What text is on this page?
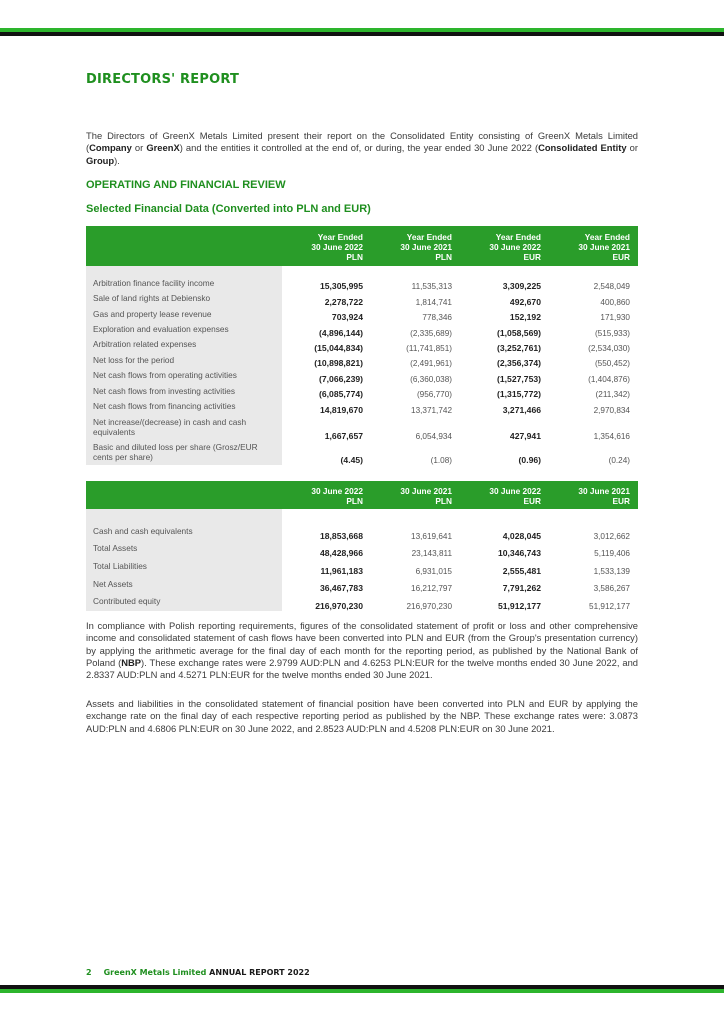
DIRECTORS' REPORT

The Directors of GreenX Metals Limited present their report on the Consolidated Entity consisting of GreenX Metals Limited (Company or GreenX) and the entities it controlled at the end of, or during, the year ended 30 June 2022 (Consolidated Entity or Group).

OPERATING AND FINANCIAL REVIEW
Selected Financial Data (Converted into PLN and EUR)
	Year Ended
30 June 2022
PLN	Year Ended
30 June 2021
PLN	Year Ended
30 June 2022
EUR	Year Ended
30 June 2021
EUR

Arbitration finance facility income	15,305,995	11,535,313	3,309,225	2,548,049
Sale of land rights at Debiensko	2,278,722	1,814,741	492,670	400,860
Gas and property lease revenue	703,924	778,346	152,192	171,930
Exploration and evaluation expenses	(4,896,144)	(2,335,689)	(1,058,569)	(515,933)
Arbitration related expenses	(15,044,834)	(11,741,851)	(3,252,761)	(2,534,030)
Net loss for the period	(10,898,821)	(2,491,961)	(2,356,374)	(550,452)
Net cash flows from operating activities	(7,066,239)	(6,360,038)	(1,527,753)	(1,404,876)
Net cash flows from investing activities	(6,085,774)	(956,770)	(1,315,772)	(211,342)
Net cash flows from financing activities	14,819,670	13,371,742	3,271,466	2,970,834
Net increase/(decrease) in cash and cash equivalents	1,667,657	6,054,934	427,941	1,354,616
Basic and diluted loss per share (Grosz/EUR cents per share)	(4.45)	(1.08)	(0.96)	(0.24)
	30 June 2022
PLN	30 June 2021
PLN	30 June 2022
EUR	30 June 2021
EUR

Cash and cash equivalents	18,853,668	13,619,641	4,028,045	3,012,662
Total Assets	48,428,966	23,143,811	10,346,743	5,119,406
Total Liabilities	11,961,183	6,931,015	2,555,481	1,533,139
Net Assets	36,467,783	16,212,797	7,791,262	3,586,267
Contributed equity	216,970,230	216,970,230	51,912,177	51,912,177

In compliance with Polish reporting requirements, figures of the consolidated statement of profit or loss and other comprehensive income and consolidated statement of cash flows have been converted into PLN and EUR (from the Group's presentation currency) by applying the arithmetic average for the final day of each month for the reporting period, as published by the National Bank of Poland (NBP). These exchange rates were 2.9799 AUD:PLN and 4.6253 PLN:EUR for the twelve months ended 30 June 2022, and 2.8337 AUD:PLN and 4.5271 PLN:EUR for the twelve months ended 30 June 2021.

Assets and liabilities in the consolidated statement of financial position have been converted into PLN and EUR by applying the exchange rate on the final day of each respective reporting period as published by the NBP. These exchange rates were: 3.0873 AUD:PLN and 4.6806 PLN:EUR on 30 June 2022, and 2.8523 AUD:PLN and 4.5208 PLN:EUR on 30 June 2021.

2 GreenX Metals Limited ANNUAL REPORT 2022
